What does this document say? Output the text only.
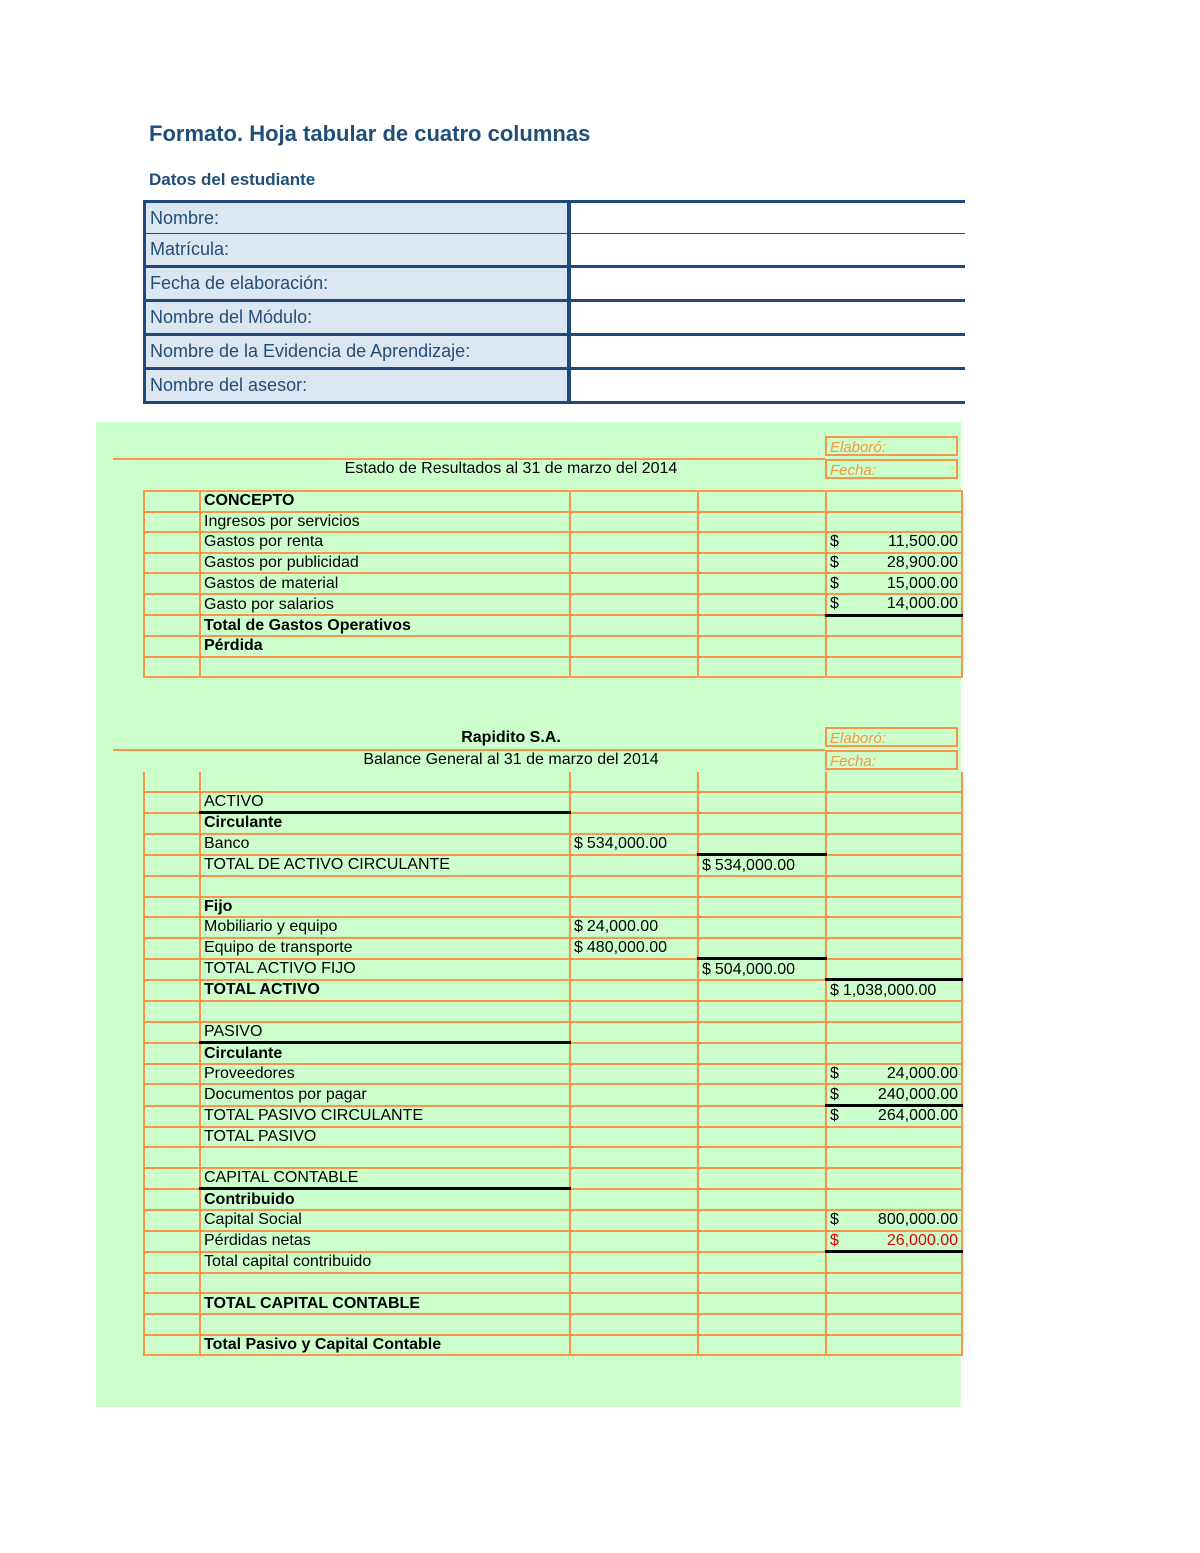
Formato. Hoja tabular de cuatro columnas
Datos del estudiante
Nombre:
Matrícula:
Fecha de elaboración:
Nombre del Módulo:
Nombre de la Evidencia de Aprendizaje:
Nombre del asesor:
Elaboró:
Fecha:
Estado de Resultados al 31 de marzo del 2014
	CONCEPTO			
	Ingresos por servicios			
	Gastos por renta			$ 11,500.00

	Gastos por publicidad			$ 28,900.00

	Gastos de material			$ 15,000.00

	Gasto por salarios			$ 14,000.00

	Total de Gastos Operativos			
	Pérdida			

Rapidito S.A.	Elaboró:
Fecha:
Balance General al 31 de marzo del 2014

	ACTIVO			
	Circulante			
	Banco	$ 534,000.00		

	TOTAL DE ACTIVO CIRCULANTE		$ 534,000.00	

	Fijo			
	Mobiliario y equipo	$ 24,000.00		

	Equipo de transporte	$ 480,000.00		

	TOTAL ACTIVO FIJO		$ 504,000.00	

	TOTAL ACTIVO			$ 1,038,000.00

	PASIVO			
	Circulante			
	Proveedores			$ 24,000.00

	Documentos por pagar			$ 240,000.00

	TOTAL PASIVO CIRCULANTE			$ 264,000.00

	TOTAL PASIVO			

	CAPITAL CONTABLE			
	Contribuido			
	Capital Social			$ 800,000.00

	Pérdidas netas			$ 26,000.00

	Total capital contribuido			

	TOTAL CAPITAL CONTABLE			

	Total Pasivo y Capital Contable			
